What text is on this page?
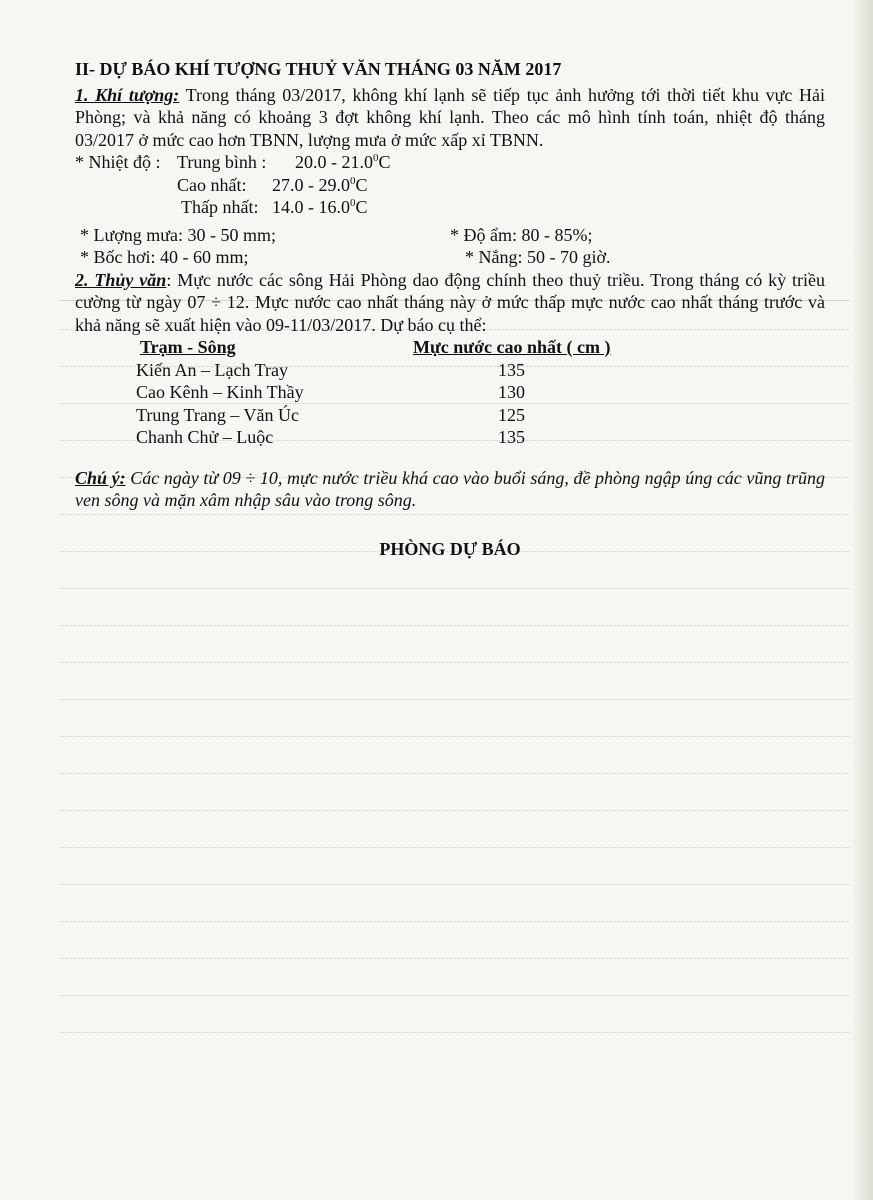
II- DỰ BÁO KHÍ TƯỢNG THUỶ VĂN THÁNG 03 NĂM 2017

1. Khí tượng: Trong tháng 03/2017, không khí lạnh sẽ tiếp tục ảnh hưởng tới thời tiết khu vực Hải Phòng; và khả năng có khoảng 3 đợt không khí lạnh. Theo các mô hình tính toán, nhiệt độ tháng 03/2017 ở mức cao hơn TBNN, lượng mưa ở mức xấp xỉ TBNN.

* Nhiệt độ : Trung bình : 20.0 - 21.0$^0$C
Cao nhất: 27.0 - 29.0$^0$C
Thấp nhất: 14.0 - 16.0$^0$C
* Lượng mưa: 30 - 50 mm;	* Độ ẩm: 80 - 85%;
* Bốc hơi: 40 - 60 mm;	* Nắng: 50 - 70 giờ.

2. Thủy văn: Mực nước các sông Hải Phòng dao động chính theo thuỷ triều. Trong tháng có kỳ triều cường từ ngày 07 ÷ 12. Mực nước cao nhất tháng này ở mức thấp mực nước cao nhất tháng trước và khả năng sẽ xuất hiện vào 09-11/03/2017. Dự báo cụ thể:

Trạm - Sông	Mực nước cao nhất ( cm )
Kiến An – Lạch Tray	135
Cao Kênh – Kinh Thầy	130
Trung Trang – Văn Úc	125
Chanh Chử – Luộc	135

Chú ý: Các ngày từ 09 ÷ 10, mực nước triều khá cao vào buổi sáng, đề phòng ngập úng các vũng trũng ven sông và mặn xâm nhập sâu vào trong sông.

PHÒNG DỰ BÁO
